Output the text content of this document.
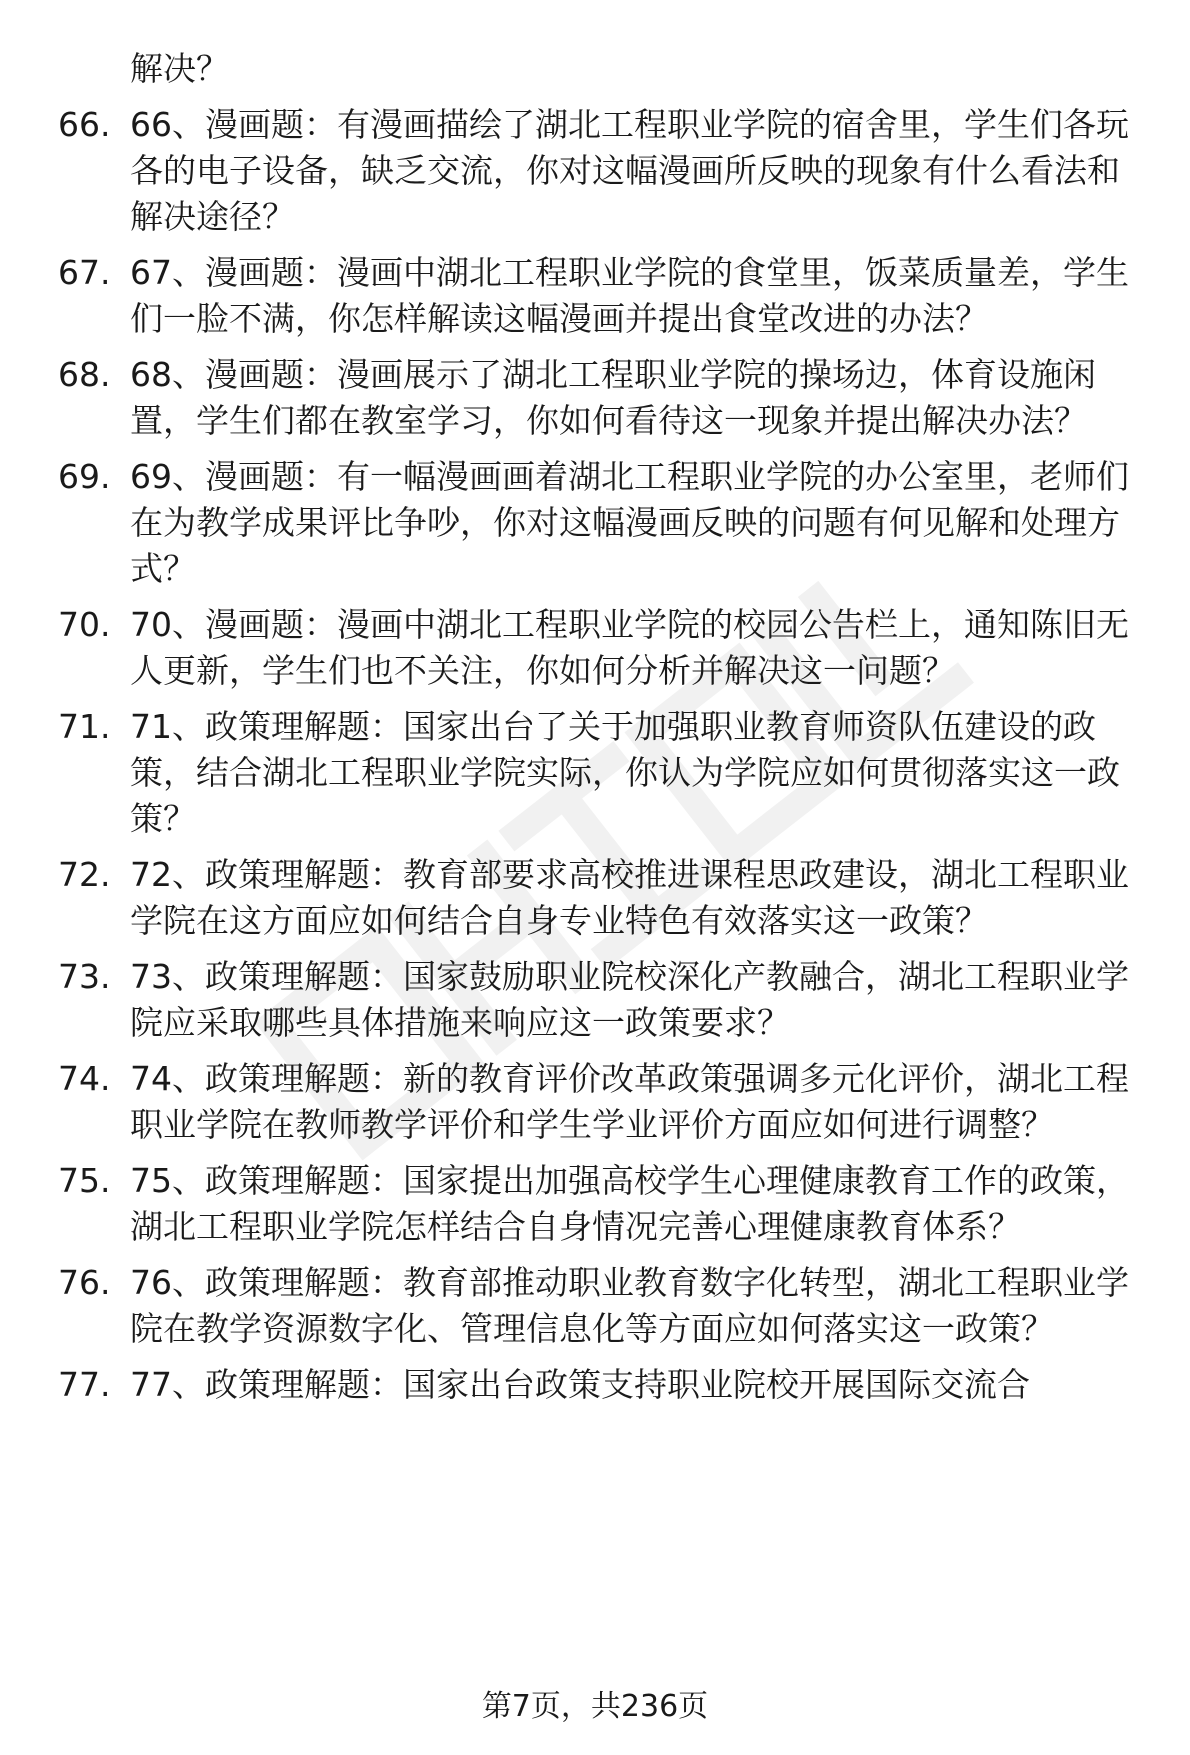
解决？
66. 66、漫画题：有漫画描绘了湖北工程职业学院的宿舍里，学生们各玩各的电子设备，缺乏交流，你对这幅漫画所反映的现象有什么看法和解决途径？
67. 67、漫画题：漫画中湖北工程职业学院的食堂里，饭菜质量差，学生们一脸不满，你怎样解读这幅漫画并提出食堂改进的办法？
68. 68、漫画题：漫画展示了湖北工程职业学院的操场边，体育设施闲置，学生们都在教室学习，你如何看待这一现象并提出解决办法？
69. 69、漫画题：有一幅漫画画着湖北工程职业学院的办公室里，老师们在为教学成果评比争吵，你对这幅漫画反映的问题有何见解和处理方式？
70. 70、漫画题：漫画中湖北工程职业学院的校园公告栏上，通知陈旧无人更新，学生们也不关注，你如何分析并解决这一问题？
71. 71、政策理解题：国家出台了关于加强职业教育师资队伍建设的政策，结合湖北工程职业学院实际，你认为学院应如何贯彻落实这一政策？
72. 72、政策理解题：教育部要求高校推进课程思政建设，湖北工程职业学院在这方面应如何结合自身专业特色有效落实这一政策？
73. 73、政策理解题：国家鼓励职业院校深化产教融合，湖北工程职业学院应采取哪些具体措施来响应这一政策要求？
74. 74、政策理解题：新的教育评价改革政策强调多元化评价，湖北工程职业学院在教师教学评价和学生学业评价方面应如何进行调整？
75. 75、政策理解题：国家提出加强高校学生心理健康教育工作的政策，湖北工程职业学院怎样结合自身情况完善心理健康教育体系？
76. 76、政策理解题：教育部推动职业教育数字化转型，湖北工程职业学院在教学资源数字化、管理信息化等方面应如何落实这一政策？
77. 77、政策理解题：国家出台政策支持职业院校开展国际交流合
第7页，共236页
